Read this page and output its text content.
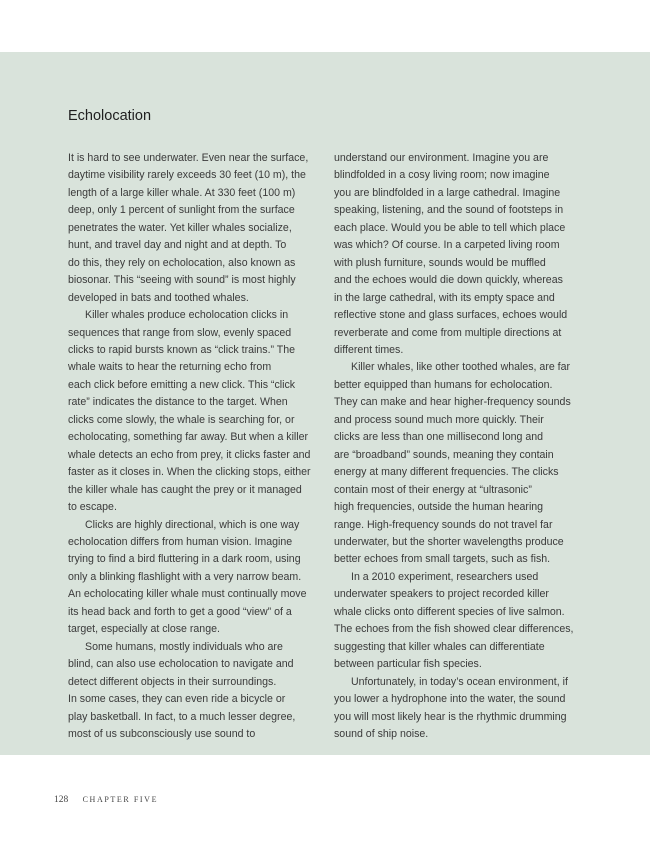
Echolocation

It is hard to see underwater. Even near the surface,

daytime visibility rarely exceeds 30 feet (10 m), the

length of a large killer whale. At 330 feet (100 m)

deep, only 1 percent of sunlight from the surface

penetrates the water. Yet killer whales socialize,

hunt, and travel day and night and at depth. To

do this, they rely on echolocation, also known as

biosonar. This “seeing with sound” is most highly

developed in bats and toothed whales.

Killer whales produce echolocation clicks in

sequences that range from slow, evenly spaced

clicks to rapid bursts known as “click trains.” The

whale waits to hear the returning echo from

each click before emitting a new click. This “click

rate” indicates the distance to the target. When

clicks come slowly, the whale is searching for, or

echolocating, something far away. But when a killer

whale detects an echo from prey, it clicks faster and

faster as it closes in. When the clicking stops, either

the killer whale has caught the prey or it managed

to escape.

Clicks are highly directional, which is one way

echolocation differs from human vision. Imagine

trying to find a bird fluttering in a dark room, using

only a blinking flashlight with a very narrow beam.

An echolocating killer whale must continually move

its head back and forth to get a good “view” of a

target, especially at close range.

Some humans, mostly individuals who are

blind, can also use echolocation to navigate and

detect different objects in their surroundings.

In some cases, they can even ride a bicycle or

play basketball. In fact, to a much lesser degree,

most of us subconsciously use sound to

understand our environment. Imagine you are

blindfolded in a cosy living room; now imagine

you are blindfolded in a large cathedral. Imagine

speaking, listening, and the sound of footsteps in

each place. Would you be able to tell which place

was which? Of course. In a carpeted living room

with plush furniture, sounds would be muffled

and the echoes would die down quickly, whereas

in the large cathedral, with its empty space and

reflective stone and glass surfaces, echoes would

reverberate and come from multiple directions at

different times.

Killer whales, like other toothed whales, are far

better equipped than humans for echolocation.

They can make and hear higher-frequency sounds

and process sound much more quickly. Their

clicks are less than one millisecond long and

are “broadband” sounds, meaning they contain

energy at many different frequencies. The clicks

contain most of their energy at “ultrasonic”

high frequencies, outside the human hearing

range. High-frequency sounds do not travel far

underwater, but the shorter wavelengths produce

better echoes from small targets, such as fish.

In a 2010 experiment, researchers used

underwater speakers to project recorded killer

whale clicks onto different species of live salmon.

The echoes from the fish showed clear differences,

suggesting that killer whales can differentiate

between particular fish species.

Unfortunately, in today’s ocean environment, if

you lower a hydrophone into the water, the sound

you will most likely hear is the rhythmic drumming

sound of ship noise.

128 CHAPTER FIVE
